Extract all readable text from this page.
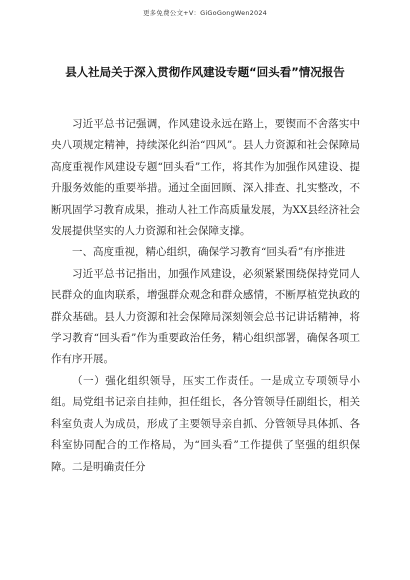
更多免费公文+V：GiGoGongWen2024
县人社局关于深入贯彻作风建设专题“回头看”情况报告

习近平总书记强调，作风建设永远在路上，要锲而不舍落实中央八项规定精神，持续深化纠治“四风”。县人力资源和社会保障局高度重视作风建设专题“回头看”工作，将其作为加强作风建设、提升服务效能的重要举措。通过全面回顾、深入排查、扎实整改，不断巩固学习教育成果，推动人社工作高质量发展，为XX县经济社会发展提供坚实的人力资源和社会保障支撑。

一、高度重视，精心组织，确保学习教育“回头看”有序推进

习近平总书记指出，加强作风建设，必须紧紧围绕保持党同人民群众的血肉联系，增强群众观念和群众感情，不断厚植党执政的群众基础。县人力资源和社会保障局深刻领会总书记讲话精神，将学习教育“回头看”作为重要政治任务，精心组织部署，确保各项工作有序开展。

（一）强化组织领导，压实工作责任。一是成立专项领导小组。局党组书记亲自挂帅，担任组长，各分管领导任副组长，相关科室负责人为成员，形成了主要领导亲自抓、分管领导具体抓、各科室协同配合的工作格局，为“回头看”工作提供了坚强的组织保障。二是明确责任分
